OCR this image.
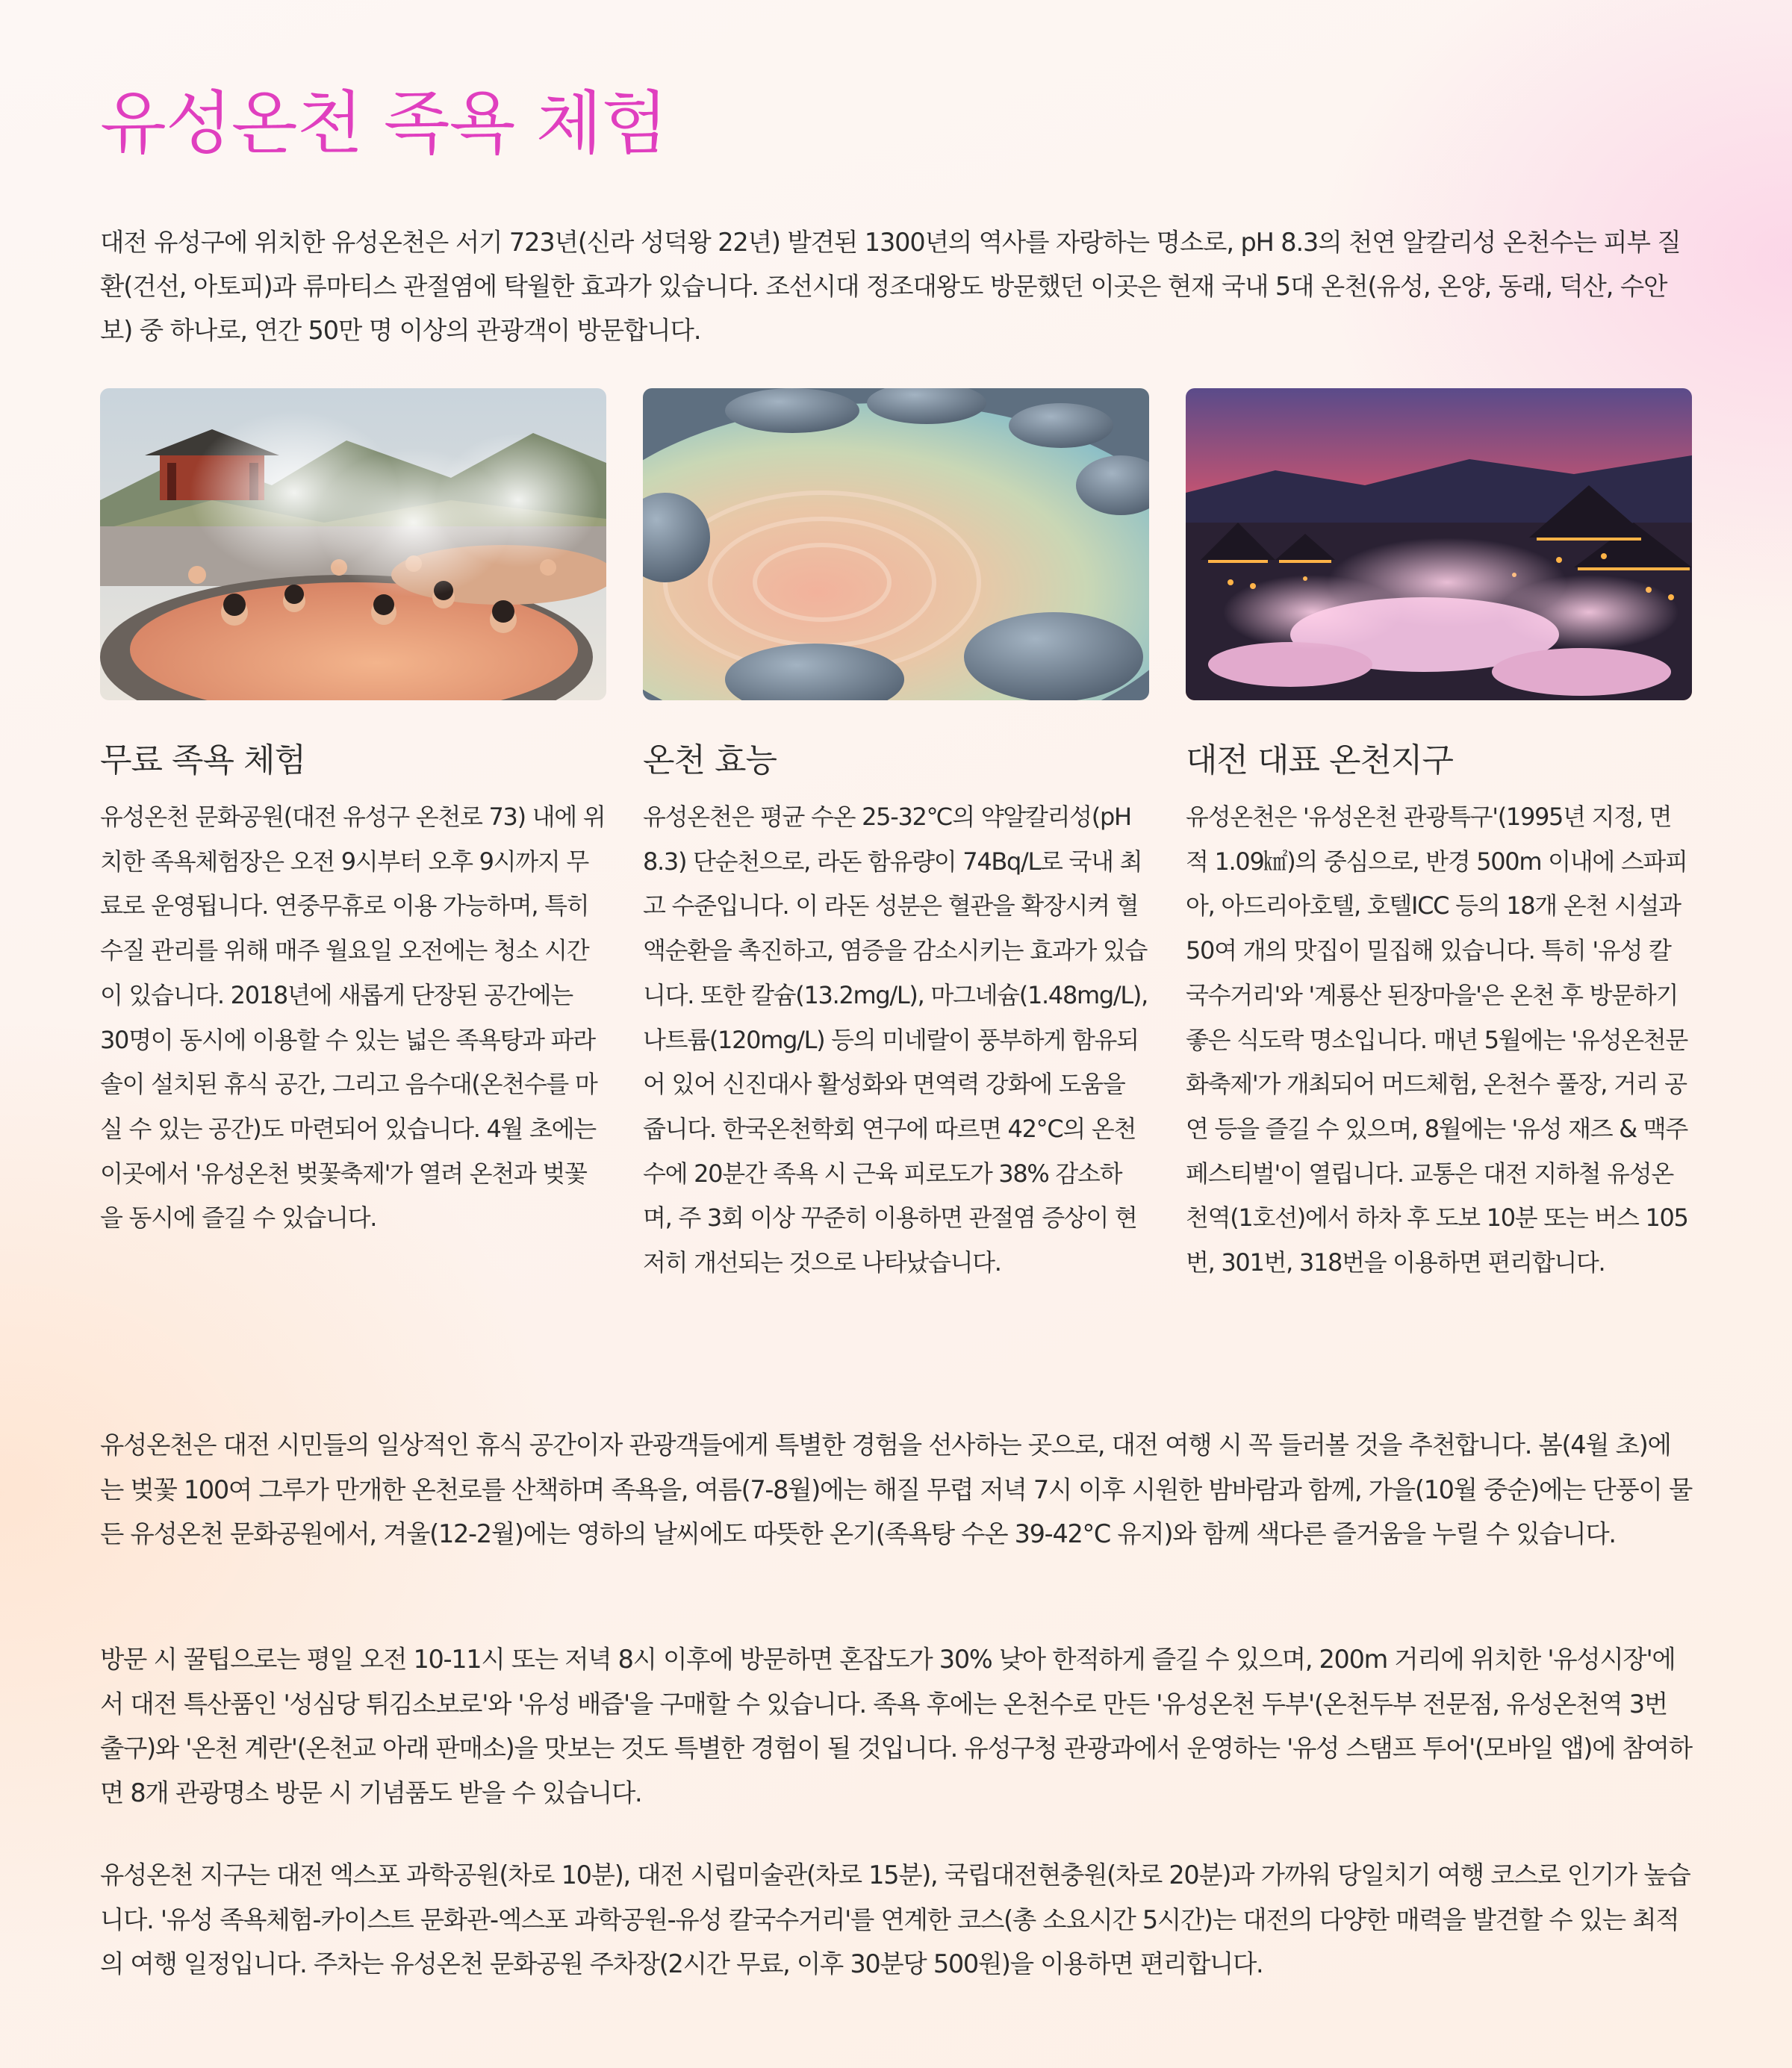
유성온천 족욕 체험

대전 유성구에 위치한 유성온천은 서기 723년(신라 성덕왕 22년) 발견된 1300년의 역사를 자랑하는 명소로, pH 8.3의 천연 알칼리성 온천수는 피부 질환(건선, 아토피)과 류마티스 관절염에 탁월한 효과가 있습니다. 조선시대 정조대왕도 방문했던 이곳은 현재 국내 5대 온천(유성, 온양, 동래, 덕산, 수안보) 중 하나로, 연간 50만 명 이상의 관광객이 방문합니다.

무료 족욕 체험

유성온천 문화공원(대전 유성구 온천로 73) 내에 위치한 족욕체험장은 오전 9시부터 오후 9시까지 무료로 운영됩니다. 연중무휴로 이용 가능하며, 특히 수질 관리를 위해 매주 월요일 오전에는 청소 시간이 있습니다. 2018년에 새롭게 단장된 공간에는 30명이 동시에 이용할 수 있는 넓은 족욕탕과 파라솔이 설치된 휴식 공간, 그리고 음수대(온천수를 마실 수 있는 공간)도 마련되어 있습니다. 4월 초에는 이곳에서 '유성온천 벚꽃축제'가 열려 온천과 벚꽃을 동시에 즐길 수 있습니다.

온천 효능

유성온천은 평균 수온 25-32℃의 약알칼리성(pH 8.3) 단순천으로, 라돈 함유량이 74Bq/L로 국내 최고 수준입니다. 이 라돈 성분은 혈관을 확장시켜 혈액순환을 촉진하고, 염증을 감소시키는 효과가 있습니다. 또한 칼슘(13.2mg/L), 마그네슘(1.48mg/L), 나트륨(120mg/L) 등의 미네랄이 풍부하게 함유되어 있어 신진대사 활성화와 면역력 강화에 도움을 줍니다. 한국온천학회 연구에 따르면 42°C의 온천수에 20분간 족욕 시 근육 피로도가 38% 감소하며, 주 3회 이상 꾸준히 이용하면 관절염 증상이 현저히 개선되는 것으로 나타났습니다.

대전 대표 온천지구

유성온천은 '유성온천 관광특구'(1995년 지정, 면적 1.09㎢)의 중심으로, 반경 500m 이내에 스파피아, 아드리아호텔, 호텔ICC 등의 18개 온천 시설과 50여 개의 맛집이 밀집해 있습니다. 특히 '유성 칼국수거리'와 '계룡산 된장마을'은 온천 후 방문하기 좋은 식도락 명소입니다. 매년 5월에는 '유성온천문화축제'가 개최되어 머드체험, 온천수 풀장, 거리 공연 등을 즐길 수 있으며, 8월에는 '유성 재즈 & 맥주 페스티벌'이 열립니다. 교통은 대전 지하철 유성온천역(1호선)에서 하차 후 도보 10분 또는 버스 105번, 301번, 318번을 이용하면 편리합니다.

유성온천은 대전 시민들의 일상적인 휴식 공간이자 관광객들에게 특별한 경험을 선사하는 곳으로, 대전 여행 시 꼭 들러볼 것을 추천합니다. 봄(4월 초)에는 벚꽃 100여 그루가 만개한 온천로를 산책하며 족욕을, 여름(7-8월)에는 해질 무렵 저녁 7시 이후 시원한 밤바람과 함께, 가을(10월 중순)에는 단풍이 물든 유성온천 문화공원에서, 겨울(12-2월)에는 영하의 날씨에도 따뜻한 온기(족욕탕 수온 39-42°C 유지)와 함께 색다른 즐거움을 누릴 수 있습니다.

방문 시 꿀팁으로는 평일 오전 10-11시 또는 저녁 8시 이후에 방문하면 혼잡도가 30% 낮아 한적하게 즐길 수 있으며, 200m 거리에 위치한 '유성시장'에서 대전 특산품인 '성심당 튀김소보로'와 '유성 배즙'을 구매할 수 있습니다. 족욕 후에는 온천수로 만든 '유성온천 두부'(온천두부 전문점, 유성온천역 3번 출구)와 '온천 계란'(온천교 아래 판매소)을 맛보는 것도 특별한 경험이 될 것입니다. 유성구청 관광과에서 운영하는 '유성 스탬프 투어'(모바일 앱)에 참여하면 8개 관광명소 방문 시 기념품도 받을 수 있습니다.

유성온천 지구는 대전 엑스포 과학공원(차로 10분), 대전 시립미술관(차로 15분), 국립대전현충원(차로 20분)과 가까워 당일치기 여행 코스로 인기가 높습니다. '유성 족욕체험-카이스트 문화관-엑스포 과학공원-유성 칼국수거리'를 연계한 코스(총 소요시간 5시간)는 대전의 다양한 매력을 발견할 수 있는 최적의 여행 일정입니다. 주차는 유성온천 문화공원 주차장(2시간 무료, 이후 30분당 500원)을 이용하면 편리합니다.
